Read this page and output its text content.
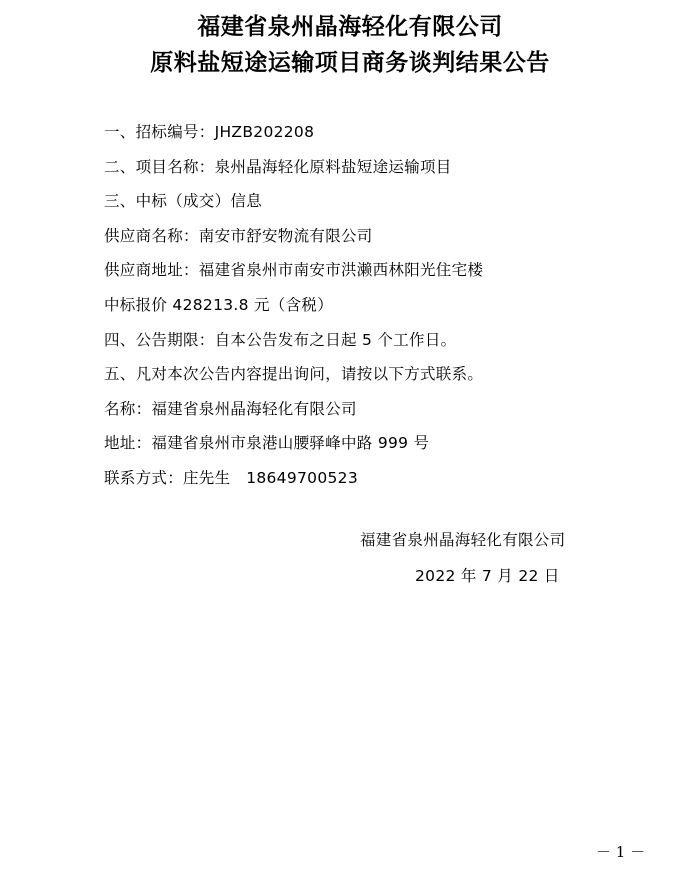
福建省泉州晶海轻化有限公司
原料盐短途运输项目商务谈判结果公告
一、招标编号：JHZB202208
二、项目名称：泉州晶海轻化原料盐短途运输项目
三、中标（成交）信息
供应商名称：南安市舒安物流有限公司
供应商地址：福建省泉州市南安市洪濑西林阳光住宅楼
中标报价 428213.8 元（含税）
四、公告期限：自本公告发布之日起 5 个工作日。
五、凡对本次公告内容提出询问，请按以下方式联系。
名称：福建省泉州晶海轻化有限公司
地址：福建省泉州市泉港山腰驿峰中路 999 号
联系方式：庄先生　18649700523
福建省泉州晶海轻化有限公司
2022 年 7 月 22 日
－ 1 －
